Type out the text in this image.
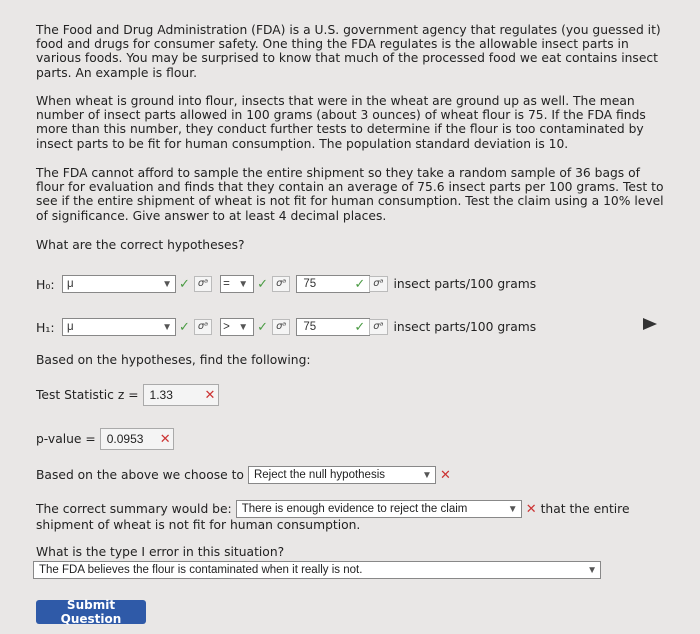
The Food and Drug Administration (FDA) is a U.S. government agency that regulates (you guessed it) food and drugs for consumer safety. One thing the FDA regulates is the allowable insect parts in various foods. You may be surprised to know that much of the processed food we eat contains insect parts. An example is flour.

When wheat is ground into flour, insects that were in the wheat are ground up as well. The mean number of insect parts allowed in 100 grams (about 3 ounces) of wheat flour is 75. If the FDA finds more than this number, they conduct further tests to determine if the flour is too contaminated by insect parts to be fit for human consumption. The population standard deviation is 10.

The FDA cannot afford to sample the entire shipment so they take a random sample of 36 bags of flour for evaluation and finds that they contain an average of 75.6 insect parts per 100 grams. Test to see if the entire shipment of wheat is not fit for human consumption. Test the claim using a 10% level of significance. Give answer to at least 4 decimal places.

What are the correct hypotheses?
H₀:	μ	▼ ✓ σᵃ	= ▼ ✓ σᵃ	75	✓ σᵃ insect parts/100 grams
H₁:	μ	▼ ✓ σᵃ	> ▼ ✓ σᵃ	75	✓ σᵃ insect parts/100 grams
Based on the hypotheses, find the following:
Test Statistic z = 1.33 ✕
p-value = 0.0953 ✕
Based on the above we choose to Reject the null hypothesis	▼ ✕
The correct summary would be: There is enough evidence to reject the claim	▼ ✕ that the entire
shipment of wheat is not fit for human consumption.
What is the type I error in this situation?
The FDA believes the flour is contaminated when it really is not.	▼
Submit Question
